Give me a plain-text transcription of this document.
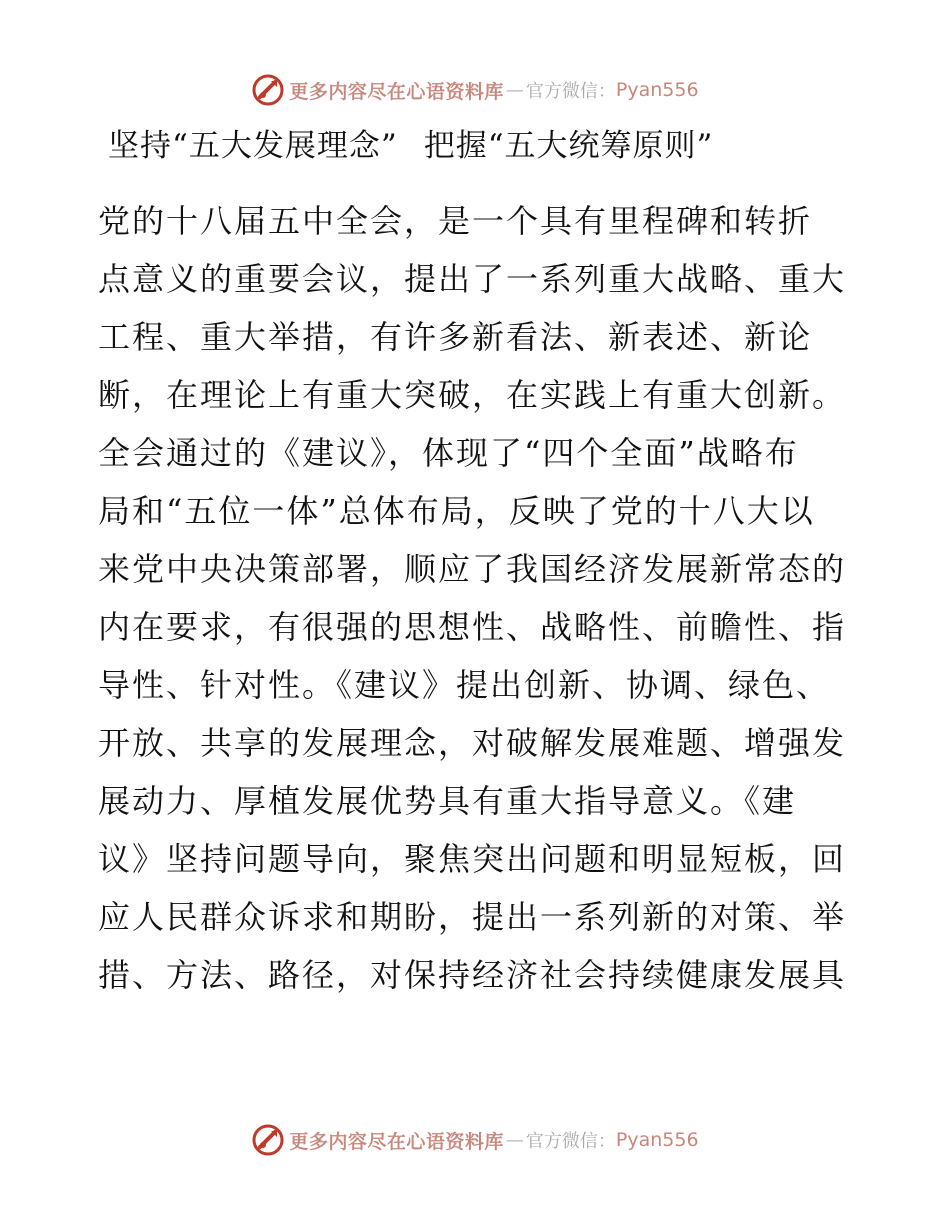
更多内容尽在心语资料库 — 官方微信： Pyan556
坚持“五大发展理念” 把握“五大统筹原则”
党的十八届五中全会，是一个具有里程碑和转折
点意义的重要会议，提出了一系列重大战略、重大
工程、重大举措，有许多新看法、新表述、新论
断，在理论上有重大突破，在实践上有重大创新。
全会通过的《建议》，体现了“四个全面”战略布
局和“五位一体”总体布局，反映了党的十八大以
来党中央决策部署，顺应了我国经济发展新常态的
内在要求，有很强的思想性、战略性、前瞻性、指
导性、针对性。《建议》提出创新、协调、绿色、
开放、共享的发展理念，对破解发展难题、增强发
展动力、厚植发展优势具有重大指导意义。《建
议》坚持问题导向，聚焦突出问题和明显短板，回
应人民群众诉求和期盼，提出一系列新的对策、举
措、方法、路径，对保持经济社会持续健康发展具
更多内容尽在心语资料库 — 官方微信： Pyan556
